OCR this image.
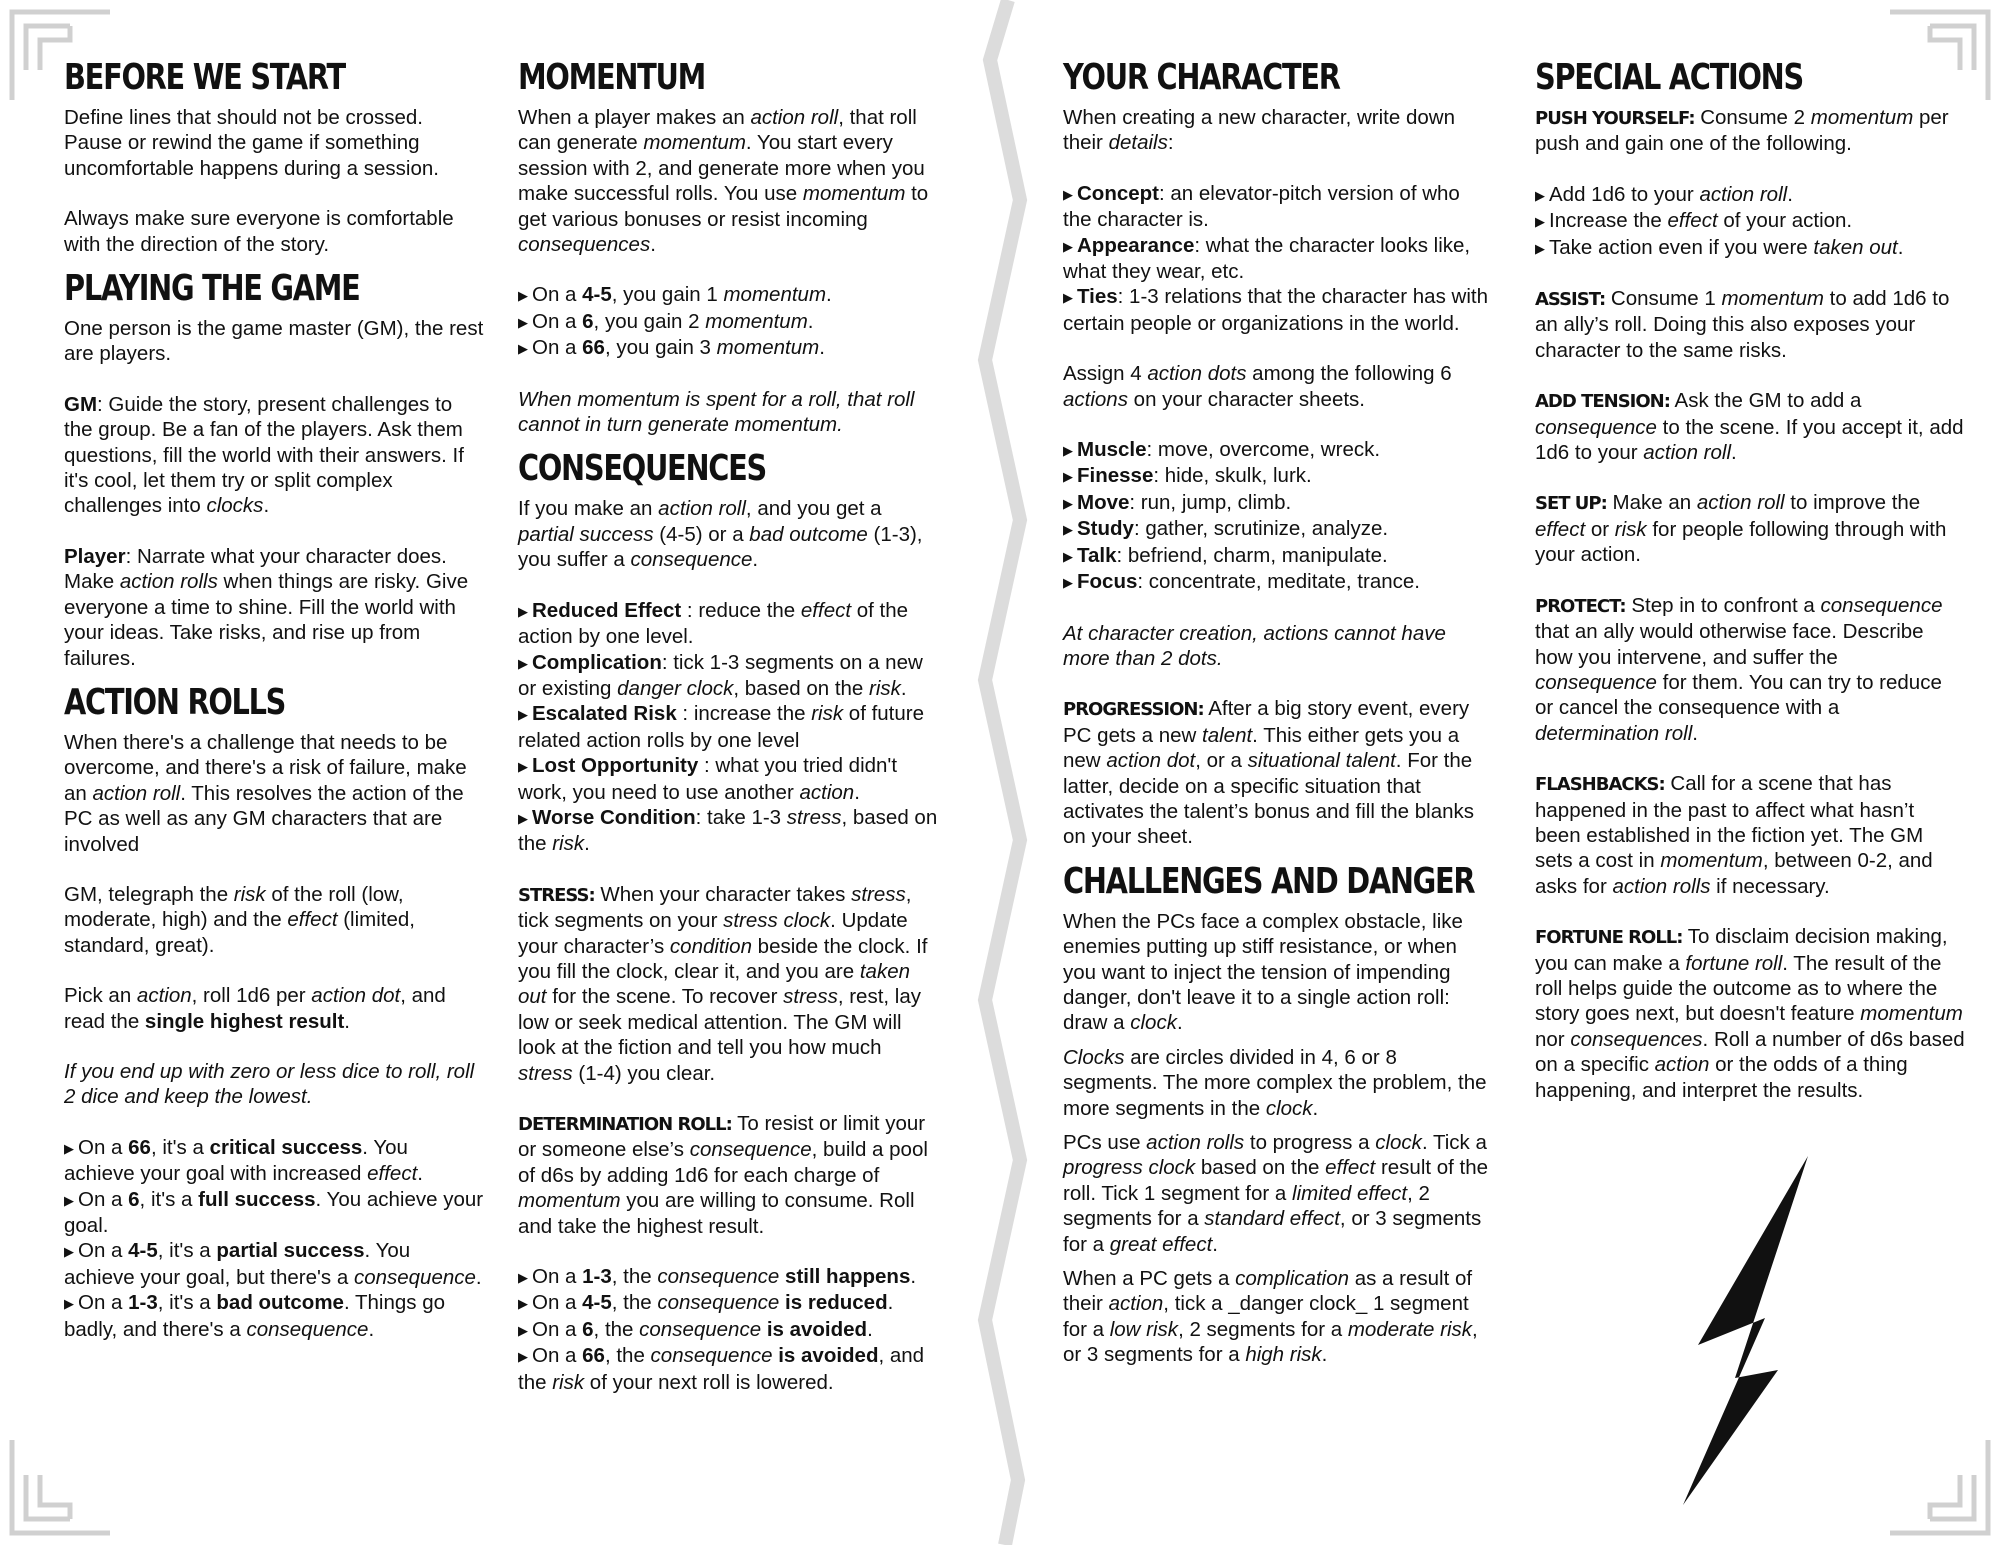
BEFORE WE START

Define lines that should not be crossed. Pause or rewind the game if something uncomfortable happens during a session.

Always make sure everyone is comfortable with the direction of the story.

PLAYING THE GAME

One person is the game master (GM), the rest are players.

GM: Guide the story, present challenges to the group. Be a fan of the players. Ask them questions, fill the world with their answers. If it's cool, let them try or split complex challenges into clocks.

Player: Narrate what your character does. Make action rolls when things are risky. Give everyone a time to shine. Fill the world with your ideas. Take risks, and rise up from failures.

ACTION ROLLS

When there's a challenge that needs to be overcome, and there's a risk of failure, make an action roll. This resolves the action of the PC as well as any GM characters that are involved

GM, telegraph the risk of the roll (low, moderate, high) and the effect (limited, standard, great).

Pick an action, roll 1d6 per action dot, and read the single highest result.

If you end up with zero or less dice to roll, roll 2 dice and keep the lowest.

▶ On a 66, it's a critical success. You achieve your goal with increased effect.

▶ On a 6, it's a full success. You achieve your goal.

▶ On a 4-5, it's a partial success. You achieve your goal, but there's a consequence.

▶ On a 1-3, it's a bad outcome. Things go badly, and there's a consequence.

MOMENTUM

When a player makes an action roll, that roll can generate momentum. You start every session with 2, and generate more when you make successful rolls. You use momentum to get various bonuses or resist incoming consequences.

▶ On a 4-5, you gain 1 momentum.

▶ On a 6, you gain 2 momentum.

▶ On a 66, you gain 3 momentum.

When momentum is spent for a roll, that roll cannot in turn generate momentum.

CONSEQUENCES

If you make an action roll, and you get a partial success (4-5) or a bad outcome (1-3), you suffer a consequence.

▶ Reduced Effect : reduce the effect of the action by one level.

▶ Complication: tick 1-3 segments on a new or existing danger clock, based on the risk.

▶ Escalated Risk : increase the risk of future related action rolls by one level

▶ Lost Opportunity : what you tried didn't work, you need to use another action.

▶ Worse Condition: take 1-3 stress, based on the risk.

STRESS: When your character takes stress, tick segments on your stress clock. Update your character’s condition beside the clock. If you fill the clock, clear it, and you are taken out for the scene. To recover stress, rest, lay low or seek medical attention. The GM will look at the fiction and tell you how much stress (1-4) you clear.

DETERMINATION ROLL: To resist or limit your or someone else’s consequence, build a pool of d6s by adding 1d6 for each charge of momentum you are willing to consume. Roll and take the highest result.

▶ On a 1-3, the consequence still happens.

▶ On a 4-5, the consequence is reduced.

▶ On a 6, the consequence is avoided.

▶ On a 66, the consequence is avoided, and the risk of your next roll is lowered.

YOUR CHARACTER

When creating a new character, write down their details:

▶ Concept: an elevator-pitch version of who the character is.

▶ Appearance: what the character looks like, what they wear, etc.

▶ Ties: 1-3 relations that the character has with certain people or organizations in the world.

Assign 4 action dots among the following 6 actions on your character sheets.

▶ Muscle: move, overcome, wreck.

▶ Finesse: hide, skulk, lurk.

▶ Move: run, jump, climb.

▶ Study: gather, scrutinize, analyze.

▶ Talk: befriend, charm, manipulate.

▶ Focus: concentrate, meditate, trance.

At character creation, actions cannot have more than 2 dots.

PROGRESSION: After a big story event, every PC gets a new talent. This either gets you a new action dot, or a situational talent. For the latter, decide on a specific situation that activates the talent’s bonus and fill the blanks on your sheet.

CHALLENGES AND DANGER

When the PCs face a complex obstacle, like enemies putting up stiff resistance, or when you want to inject the tension of impending danger, don't leave it to a single action roll: draw a clock.

Clocks are circles divided in 4, 6 or 8 segments. The more complex the problem, the more segments in the clock.

PCs use action rolls to progress a clock. Tick a progress clock based on the effect result of the roll. Tick 1 segment for a limited effect, 2 segments for a standard effect, or 3 segments for a great effect.

When a PC gets a complication as a result of their action, tick a _danger clock_ 1 segment for a low risk, 2 segments for a moderate risk, or 3 segments for a high risk.

SPECIAL ACTIONS

PUSH YOURSELF: Consume 2 momentum per push and gain one of the following.

▶ Add 1d6 to your action roll.

▶ Increase the effect of your action.

▶ Take action even if you were taken out.

ASSIST: Consume 1 momentum to add 1d6 to an ally’s roll. Doing this also exposes your character to the same risks.

ADD TENSION: Ask the GM to add a consequence to the scene. If you accept it, add 1d6 to your action roll.

SET UP: Make an action roll to improve the effect or risk for people following through with your action.

PROTECT: Step in to confront a consequence that an ally would otherwise face. Describe how you intervene, and suffer the consequence for them. You can try to reduce or cancel the consequence with a determination roll.

FLASHBACKS: Call for a scene that has happened in the past to affect what hasn’t been established in the fiction yet. The GM sets a cost in momentum, between 0-2, and asks for action rolls if necessary.

FORTUNE ROLL: To disclaim decision making, you can make a fortune roll. The result of the roll helps guide the outcome as to where the story goes next, but doesn't feature momentum nor consequences. Roll a number of d6s based on a specific action or the odds of a thing happening, and interpret the results.
